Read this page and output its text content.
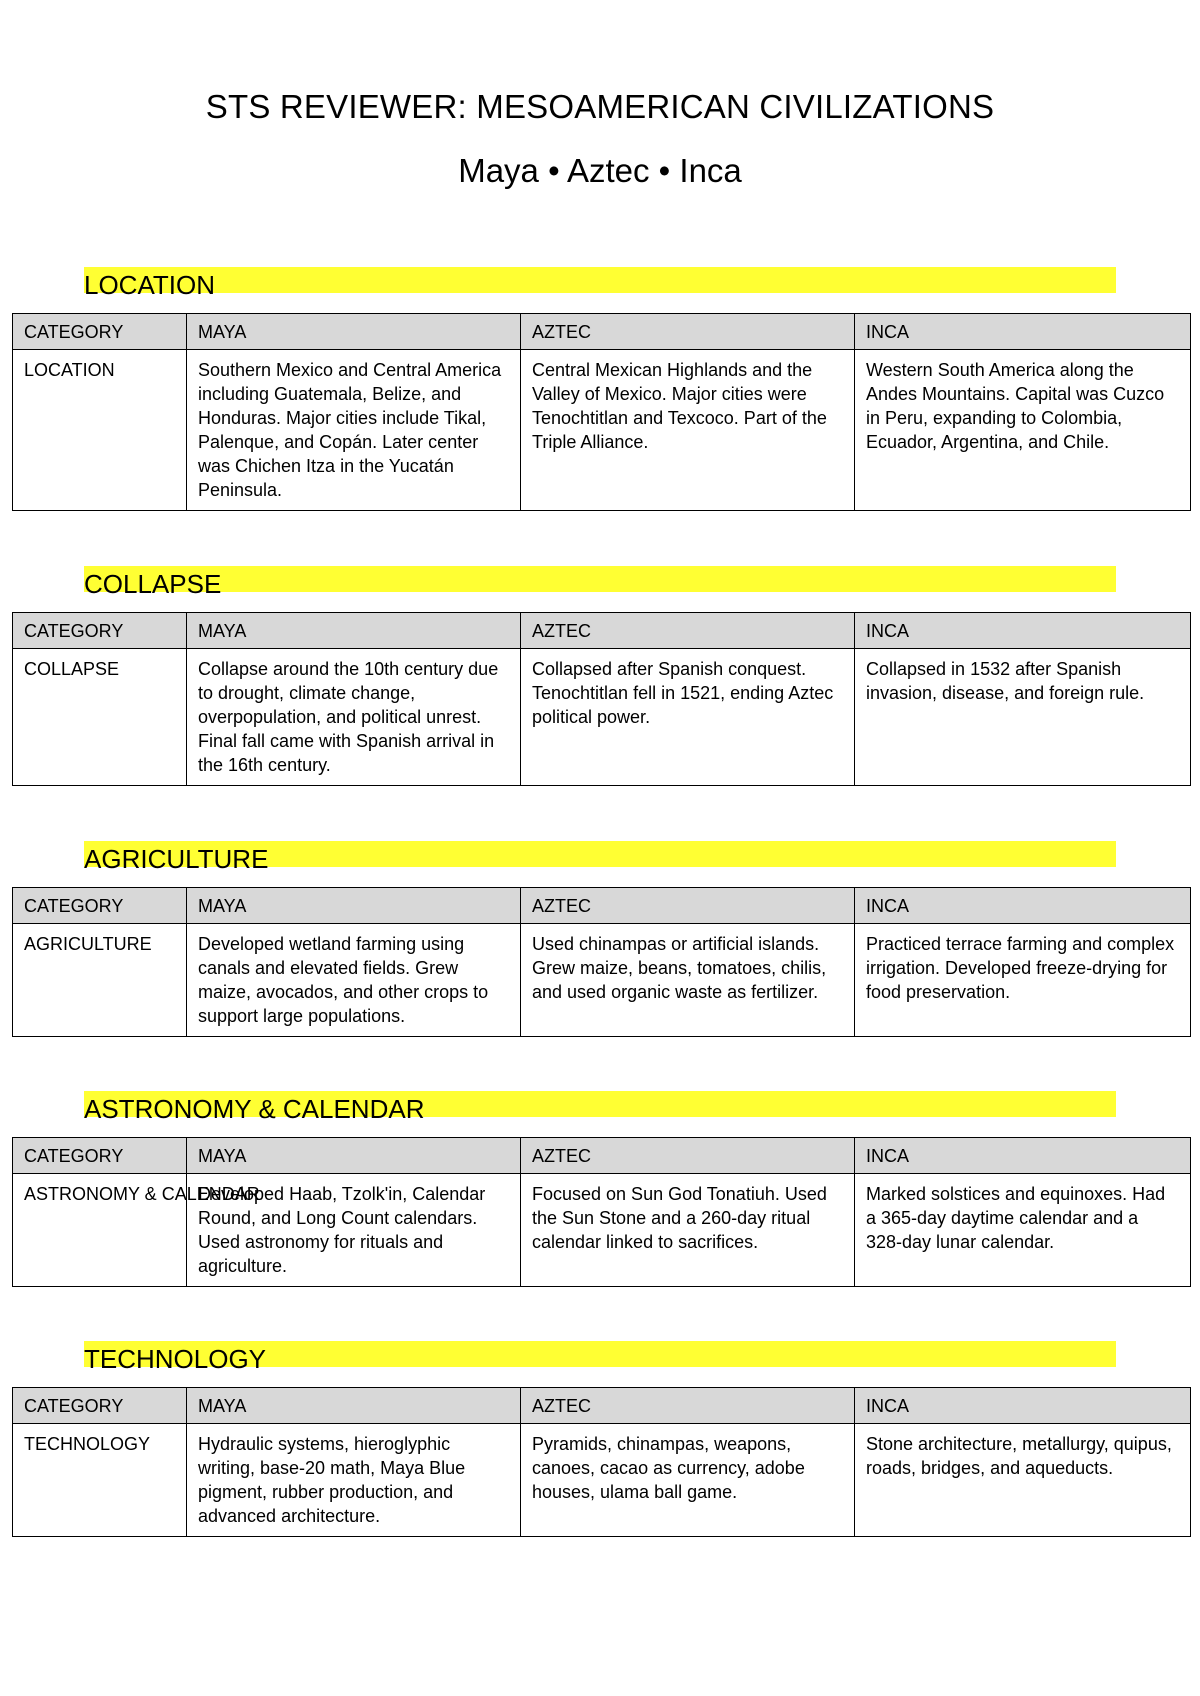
STS REVIEWER: MESOAMERICAN CIVILIZATIONS
Maya • Aztec • Inca
LOCATION
CATEGORY	MAYA	AZTEC	INCA
LOCATION	Southern Mexico and Central America including Guatemala, Belize, and Honduras. Major cities include Tikal, Palenque, and Copán. Later center was Chichen Itza in the Yucatán Peninsula.	Central Mexican Highlands and the Valley of Mexico. Major cities were Tenochtitlan and Texcoco. Part of the Triple Alliance.	Western South America along the Andes Mountains. Capital was Cuzco in Peru, expanding to Colombia, Ecuador, Argentina, and Chile.
COLLAPSE
CATEGORY	MAYA	AZTEC	INCA
COLLAPSE	Collapse around the 10th century due to drought, climate change, overpopulation, and political unrest. Final fall came with Spanish arrival in the 16th century.	Collapsed after Spanish conquest. Tenochtitlan fell in 1521, ending Aztec political power.	Collapsed in 1532 after Spanish invasion, disease, and foreign rule.
AGRICULTURE
CATEGORY	MAYA	AZTEC	INCA
AGRICULTURE	Developed wetland farming using canals and elevated fields. Grew maize, avocados, and other crops to support large populations.	Used chinampas or artificial islands. Grew maize, beans, tomatoes, chilis, and used organic waste as fertilizer.	Practiced terrace farming and complex irrigation. Developed freeze-drying for food preservation.
ASTRONOMY & CALENDAR
CATEGORY	MAYA	AZTEC	INCA
ASTRONOMY & CALENDAR	Developed Haab, Tzolk'in, Calendar Round, and Long Count calendars. Used astronomy for rituals and agriculture.	Focused on Sun God Tonatiuh. Used the Sun Stone and a 260-day ritual calendar linked to sacrifices.	Marked solstices and equinoxes. Had a 365-day daytime calendar and a 328-day lunar calendar.
TECHNOLOGY
CATEGORY	MAYA	AZTEC	INCA
TECHNOLOGY	Hydraulic systems, hieroglyphic writing, base-20 math, Maya Blue pigment, rubber production, and advanced architecture.	Pyramids, chinampas, weapons, canoes, cacao as currency, adobe houses, ulama ball game.	Stone architecture, metallurgy, quipus, roads, bridges, and aqueducts.
